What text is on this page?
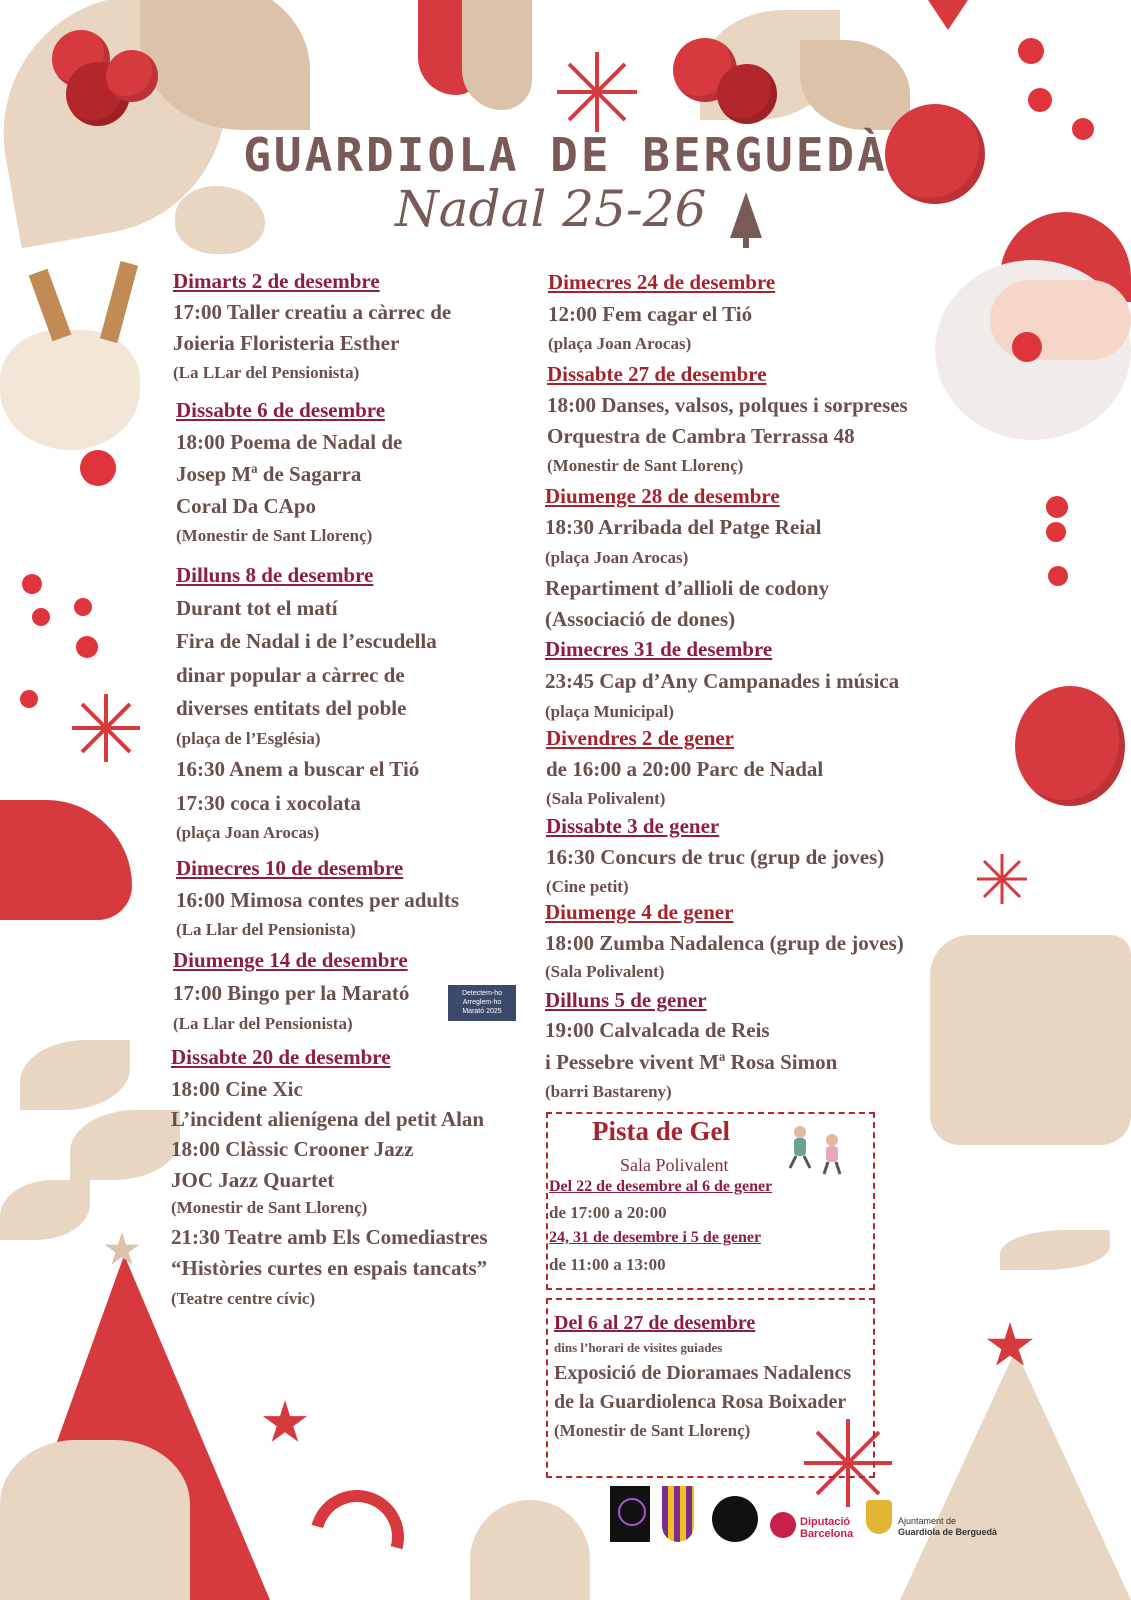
GUARDIOLA DE BERGUEDÀ
Nadal 25-26
Dimarts 2 de desembre
17:00 Taller creatiu a càrrec de
Joieria Floristeria Esther
(La LLar del Pensionista)
Dissabte 6 de desembre
18:00 Poema de Nadal de
Josep Mª de Sagarra
Coral Da CApo
(Monestir de Sant Llorenç)
Dilluns 8 de desembre
Durant tot el matí
Fira de Nadal i de l’escudella
dinar popular a càrrec de
diverses entitats del poble
(plaça de l’Església)
16:30 Anem a buscar el Tió
17:30 coca i xocolata
(plaça Joan Arocas)
Dimecres 10 de desembre
16:00 Mimosa contes per adults
(La Llar del Pensionista)
Diumenge 14 de desembre
17:00 Bingo per la Marató
(La Llar del Pensionista)
Detectem-ho
Arreglem-ho
Marató 2025
Dissabte 20 de desembre
18:00 Cine Xic
L’incident alienígena del petit Alan
18:00 Clàssic Crooner Jazz
JOC Jazz Quartet
(Monestir de Sant Llorenç)
21:30 Teatre amb Els Comediastres
“Històries curtes en espais tancats”
(Teatre centre cívic)
Dimecres 24 de desembre
12:00 Fem cagar el Tió
(plaça Joan Arocas)
Dissabte 27 de desembre
18:00 Danses, valsos, polques i sorpreses
Orquestra de Cambra Terrassa 48
(Monestir de Sant Llorenç)
Diumenge 28 de desembre
18:30 Arribada del Patge Reial
(plaça Joan Arocas)
Repartiment d’allioli de codony
(Associació de dones)
Dimecres 31 de desembre
23:45 Cap d’Any Campanades i música
(plaça Municipal)
Divendres 2 de gener
de 16:00 a 20:00 Parc de Nadal
(Sala Polivalent)
Dissabte 3 de gener
16:30 Concurs de truc (grup de joves)
(Cine petit)
Diumenge 4 de gener
18:00 Zumba Nadalenca (grup de joves)
(Sala Polivalent)
Dilluns 5 de gener
19:00 Calvalcada de Reis
i Pessebre vivent Mª Rosa Simon
(barri Bastareny)
Pista de Gel
Sala Polivalent
Del 22 de desembre al 6 de gener
de 17:00 a 20:00
24, 31 de desembre i 5 de gener
de 11:00 a 13:00
Del 6 al 27 de desembre
dins l’horari de visites guiades
Exposició de Dioramaes Nadalencs
de la Guardiolenca Rosa Boixader
(Monestir de Sant Llorenç)
Diputació
Barcelona
Ajuntament de
Guardiola de Berguedà
